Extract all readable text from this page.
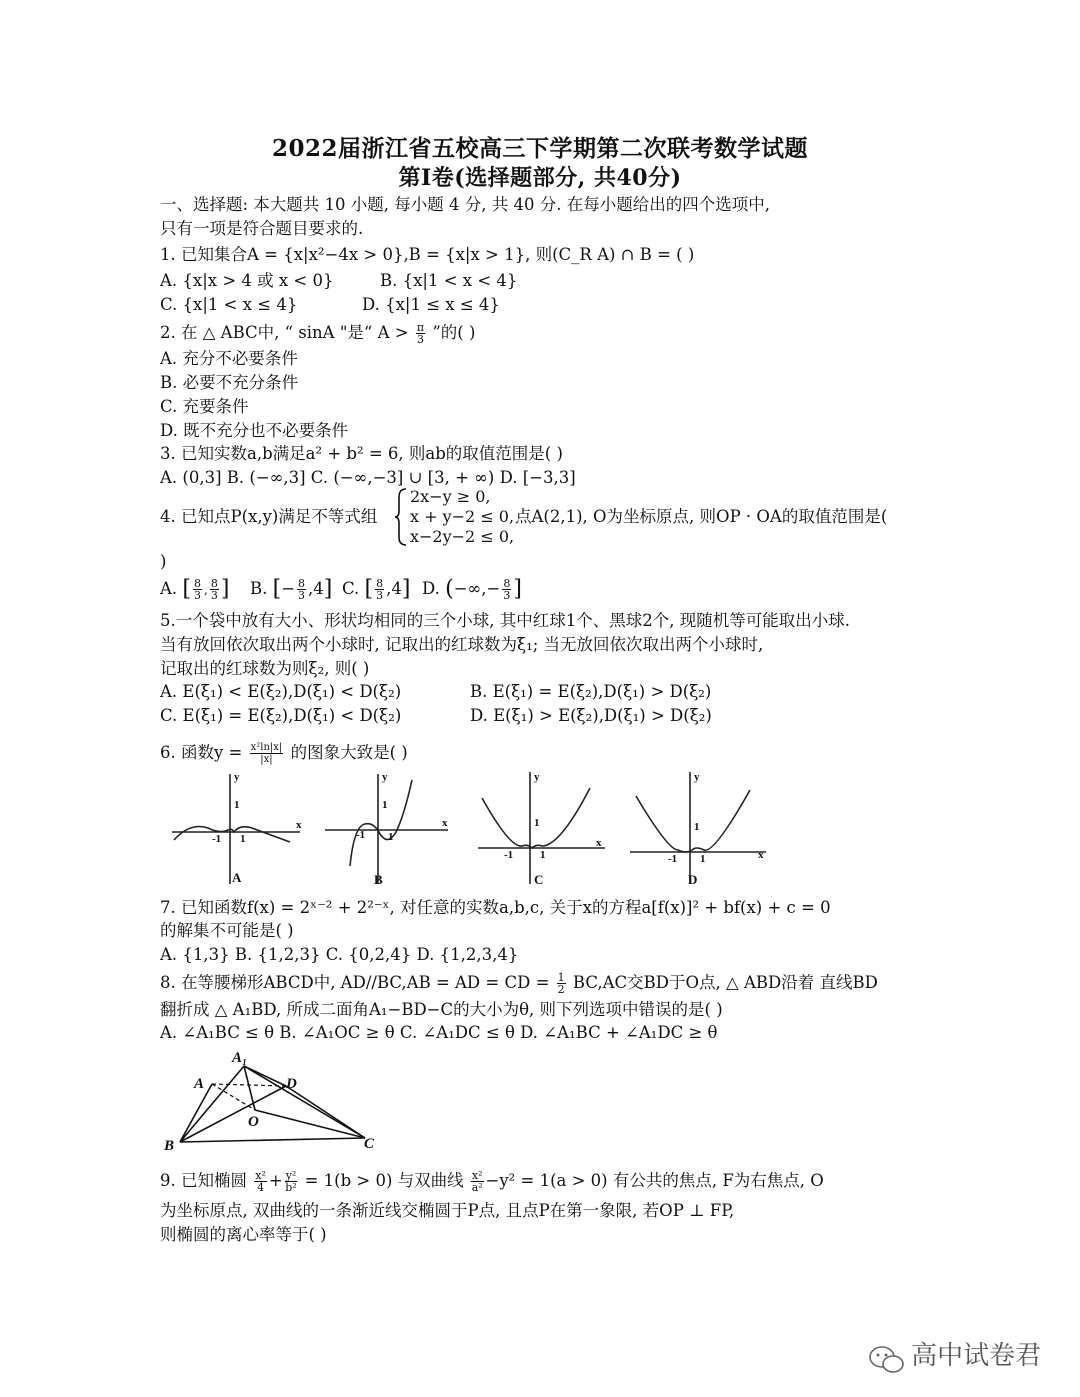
2022届浙江省五校高三下学期第二次联考数学试题
第I卷(选择题部分, 共40分)
一、选择题: 本大题共 10 小题, 每小题 4 分, 共 40 分. 在每小题给出的四个选项中,
只有一项是符合题目要求的.
1. 已知集合A = {x|x²−4x > 0},B = {x|x > 1}, 则(C_R A) ∩ B = ( )
A. {x|x > 4 或 x < 0}	B. {x|1 < x < 4}
C. {x|1 < x ≤ 4}	D. {x|1 ≤ x ≤ 4}
2. 在 △ ABC中, “ sinA "是“ $A > \frac{\pi}{3}$ ”的( )
A. 充分不必要条件
B. 必要不充分条件
C. 充要条件
D. 既不充分也不必要条件
3. 已知实数a,b满足a² + b² = 6, 则ab的取值范围是( )
A. (0,3] B. (−∞,3] C. (−∞,−3] ∪ [3, + ∞) D. [−3,3]
4. 已知点P(x,y)满足不等式组
2x−y ≥ 0,
x + y−2 ≤ 0,
x−2y−2 ≤ 0,
点A(2,1), O为坐标原点, 则OP · OA的取值范围是(
)
A. [ $\frac{8}{3}$ , $\frac{8}{3}$ ] B. [− $\frac{8}{3} ,4$] C. [ $\frac{8}{3} ,4$] D. (−∞,− $\frac{8}{3}$ ]
5.一个袋中放有大小、形状均相同的三个小球, 其中红球1个、黑球2个, 现随机等可能取出小球.
当有放回依次取出两个小球时, 记取出的红球数为ξ₁; 当无放回依次取出两个小球时,
记取出的红球数为则ξ₂, 则( )
A. E(ξ₁) < E(ξ₂),D(ξ₁) < D(ξ₂)	B. E(ξ₁) = E(ξ₂),D(ξ₁) > D(ξ₂)
C. E(ξ₁) = E(ξ₂),D(ξ₁) < D(ξ₂)	D. E(ξ₁) > E(ξ₂),D(ξ₁) > D(ξ₂)
6. 函数$y = \frac{\text{x²ln|x|}}{|x|}$ 的图象大致是( )
1
-1 1
x
y
1
-1 1
x
y
1
-1 1
x
y
1
-1 1	x
y
A	B	C	D
7. 已知函数f(x) = 2ˣ⁻² + 2²⁻ˣ, 对任意的实数a,b,c, 关于x的方程a[f(x)]² + bf(x) + c = 0
的解集不可能是( )
A. {1,3} B. {1,2,3} C. {0,2,4} D. {1,2,3,4}
8. 在等腰梯形ABCD中, AD//BC,AB = AD = CD = $\frac{1}{2} BC,AC$交BD于O点, △ ABD沿着 直线BD
翻折成 △ A₁BD, 所成二面角A₁−BD−C的大小为θ, 则下列选项中错误的是( )
A. ∠A₁BC ≤ θ B. ∠A₁OC ≥ θ C. ∠A₁DC ≤ θ D. ∠A₁BC + ∠A₁DC ≥ θ
A₁
A	D
O
B	C
9. 已知椭圆 $\frac{\text{x²}}{4} + \frac{\text{y²}}{\text{b²}} = 1(b > 0)$ 与双曲线 $\frac{\text{x²}}{\text{a²}} -y^2 = 1(a > 0)$ 有公共的焦点, F为右焦点, O
为坐标原点, 双曲线的一条渐近线交椭圆于P点, 且点P在第一象限, 若OP ⊥ FP,
则椭圆的离心率等于( )
高中试卷君
